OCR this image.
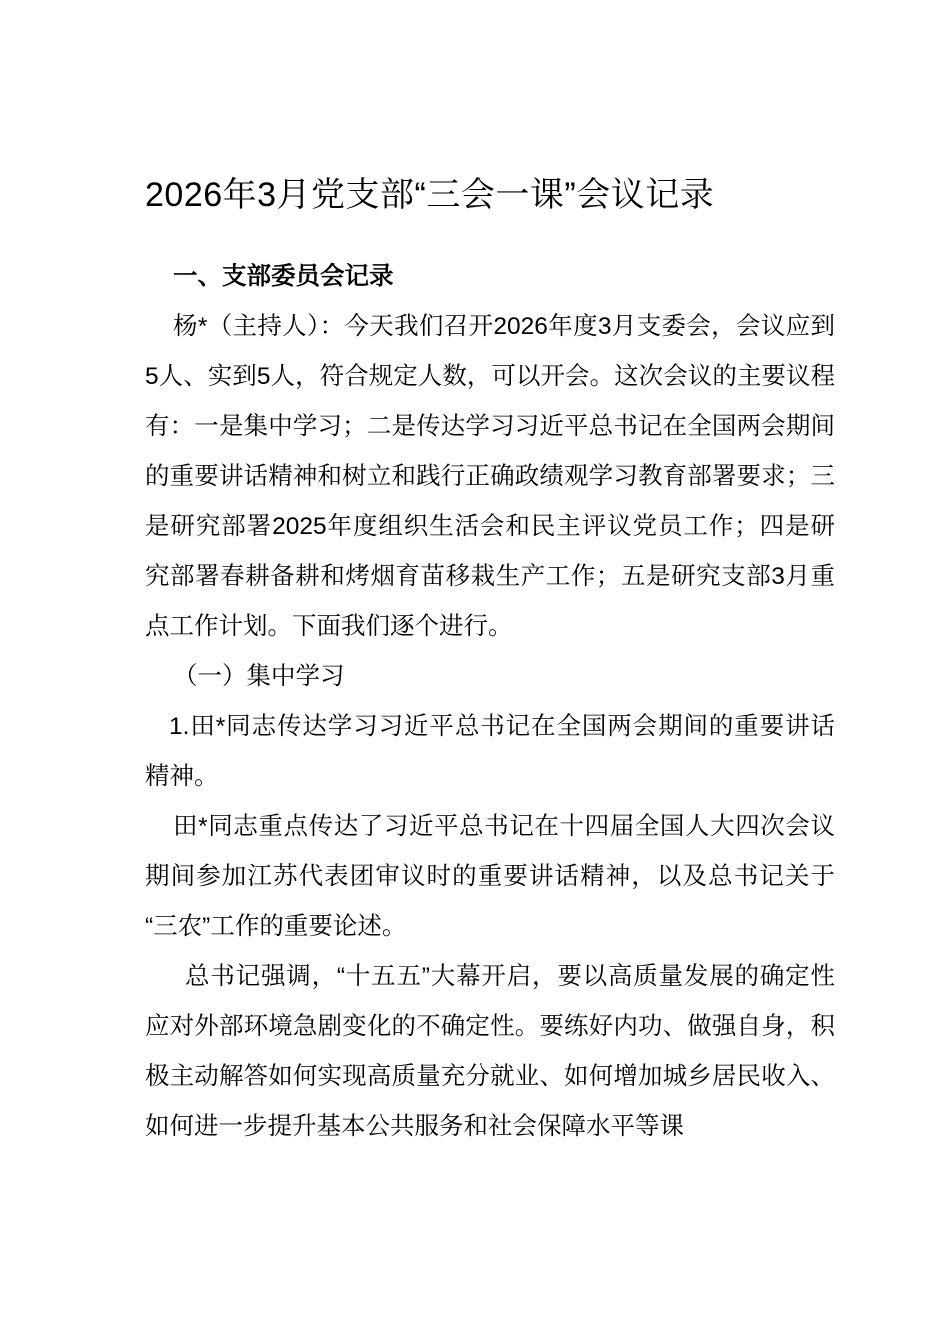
2026年3月党支部“三会一课”会议记录
一、支部委员会记录

杨*（主持人）：今天我们召开2026年度3月支委会，会议应到5人、实到5人，符合规定人数，可以开会。这次会议的主要议程有：一是集中学习；二是传达学习习近平总书记在全国两会期间的重要讲话精神和树立和践行正确政绩观学习教育部署要求；三是研究部署2025年度组织生活会和民主评议党员工作；四是研究部署春耕备耕和烤烟育苗移栽生产工作；五是研究支部3月重点工作计划。下面我们逐个进行。

（一）集中学习

1.田*同志传达学习习近平总书记在全国两会期间的重要讲话精神。

田*同志重点传达了习近平总书记在十四届全国人大四次会议期间参加江苏代表团审议时的重要讲话精神，以及总书记关于“三农”工作的重要论述。

总书记强调，“十五五”大幕开启，要以高质量发展的确定性应对外部环境急剧变化的不确定性。要练好内功、做强自身，积极主动解答如何实现高质量充分就业、如何增加城乡居民收入、如何进一步提升基本公共服务和社会保障水平等课
